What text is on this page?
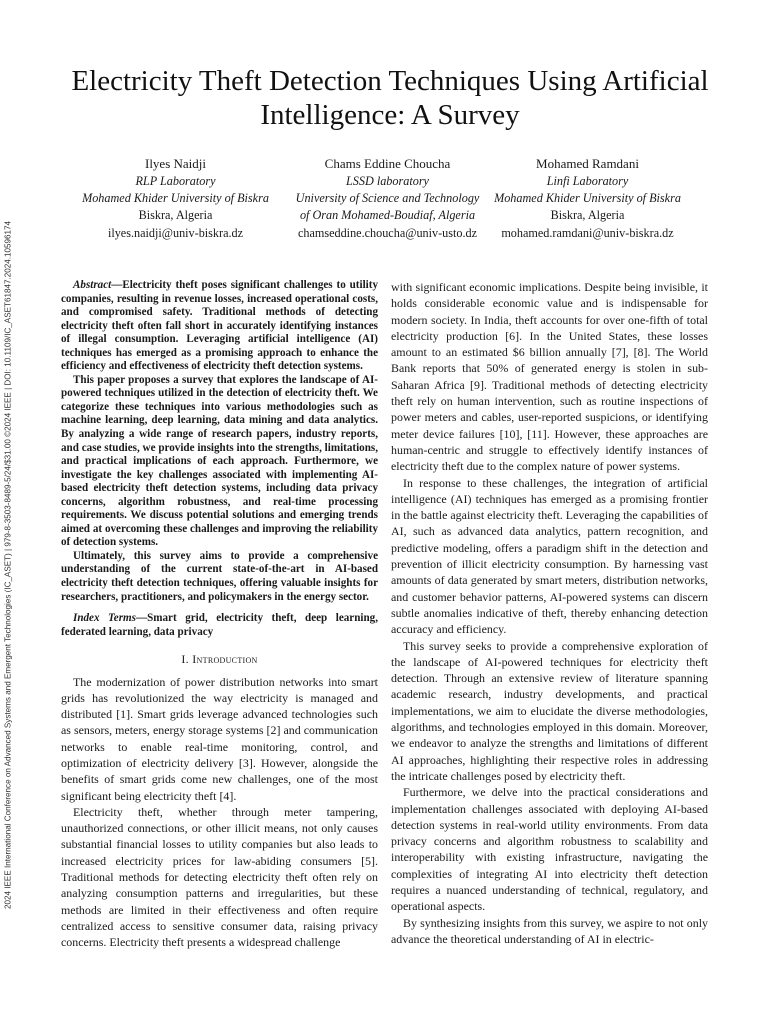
2024 IEEE International Conference on Advanced Systems and Emergent Technologies (IC_ASET) | 979-8-3503-8489-5/24/$31.00 ©2024 IEEE | DOI: 10.1109/IC_ASET61847.2024.10596174
Electricity Theft Detection Techniques Using Artificial Intelligence: A Survey
Ilyes Naidji
RLP Laboratory
Mohamed Khider University of Biskra
Biskra, Algeria
ilyes.naidji@univ-biskra.dz
Chams Eddine Choucha
LSSD laboratory
University of Science and Technology
of Oran Mohamed-Boudiaf, Algeria
chamseddine.choucha@univ-usto.dz
Mohamed Ramdani
Linfi Laboratory
Mohamed Khider University of Biskra
Biskra, Algeria
mohamed.ramdani@univ-biskra.dz

Abstract—Electricity theft poses significant challenges to utility companies, resulting in revenue losses, increased operational costs, and compromised safety. Traditional methods of detecting electricity theft often fall short in accurately identifying instances of illegal consumption. Leveraging artificial intelligence (AI) techniques has emerged as a promising approach to enhance the efficiency and effectiveness of electricity theft detection systems.

This paper proposes a survey that explores the landscape of AI-powered techniques utilized in the detection of electricity theft. We categorize these techniques into various methodologies such as machine learning, deep learning, data mining and data analytics. By analyzing a wide range of research papers, industry reports, and case studies, we provide insights into the strengths, limitations, and practical implications of each approach. Furthermore, we investigate the key challenges associated with implementing AI-based electricity theft detection systems, including data privacy concerns, algorithm robustness, and real-time processing requirements. We discuss potential solutions and emerging trends aimed at overcoming these challenges and improving the reliability of detection systems.

Ultimately, this survey aims to provide a comprehensive understanding of the current state-of-the-art in AI-based electricity theft detection techniques, offering valuable insights for researchers, practitioners, and policymakers in the energy sector.

Index Terms—Smart grid, electricity theft, deep learning, federated learning, data privacy

I. Introduction

The modernization of power distribution networks into smart grids has revolutionized the way electricity is managed and distributed [1]. Smart grids leverage advanced technologies such as sensors, meters, energy storage systems [2] and communication networks to enable real-time monitoring, control, and optimization of electricity delivery [3]. However, alongside the benefits of smart grids come new challenges, one of the most significant being electricity theft [4].

Electricity theft, whether through meter tampering, unauthorized connections, or other illicit means, not only causes substantial financial losses to utility companies but also leads to increased electricity prices for law-abiding consumers [5]. Traditional methods for detecting electricity theft often rely on analyzing consumption patterns and irregularities, but these methods are limited in their effectiveness and often require centralized access to sensitive consumer data, raising privacy concerns. Electricity theft presents a widespread challenge

with significant economic implications. Despite being invisible, it holds considerable economic value and is indispensable for modern society. In India, theft accounts for over one-fifth of total electricity production [6]. In the United States, these losses amount to an estimated $6 billion annually [7], [8]. The World Bank reports that 50% of generated energy is stolen in sub-Saharan Africa [9]. Traditional methods of detecting electricity theft rely on human intervention, such as routine inspections of power meters and cables, user-reported suspicions, or identifying meter device failures [10], [11]. However, these approaches are human-centric and struggle to effectively identify instances of electricity theft due to the complex nature of power systems.

In response to these challenges, the integration of artificial intelligence (AI) techniques has emerged as a promising frontier in the battle against electricity theft. Leveraging the capabilities of AI, such as advanced data analytics, pattern recognition, and predictive modeling, offers a paradigm shift in the detection and prevention of illicit electricity consumption. By harnessing vast amounts of data generated by smart meters, distribution networks, and customer behavior patterns, AI-powered systems can discern subtle anomalies indicative of theft, thereby enhancing detection accuracy and efficiency.

This survey seeks to provide a comprehensive exploration of the landscape of AI-powered techniques for electricity theft detection. Through an extensive review of literature spanning academic research, industry developments, and practical implementations, we aim to elucidate the diverse methodologies, algorithms, and technologies employed in this domain. Moreover, we endeavor to analyze the strengths and limitations of different AI approaches, highlighting their respective roles in addressing the intricate challenges posed by electricity theft.

Furthermore, we delve into the practical considerations and implementation challenges associated with deploying AI-based detection systems in real-world utility environments. From data privacy concerns and algorithm robustness to scalability and interoperability with existing infrastructure, navigating the complexities of integrating AI into electricity theft detection requires a nuanced understanding of technical, regulatory, and operational aspects.

By synthesizing insights from this survey, we aspire to not only advance the theoretical understanding of AI in electric-
